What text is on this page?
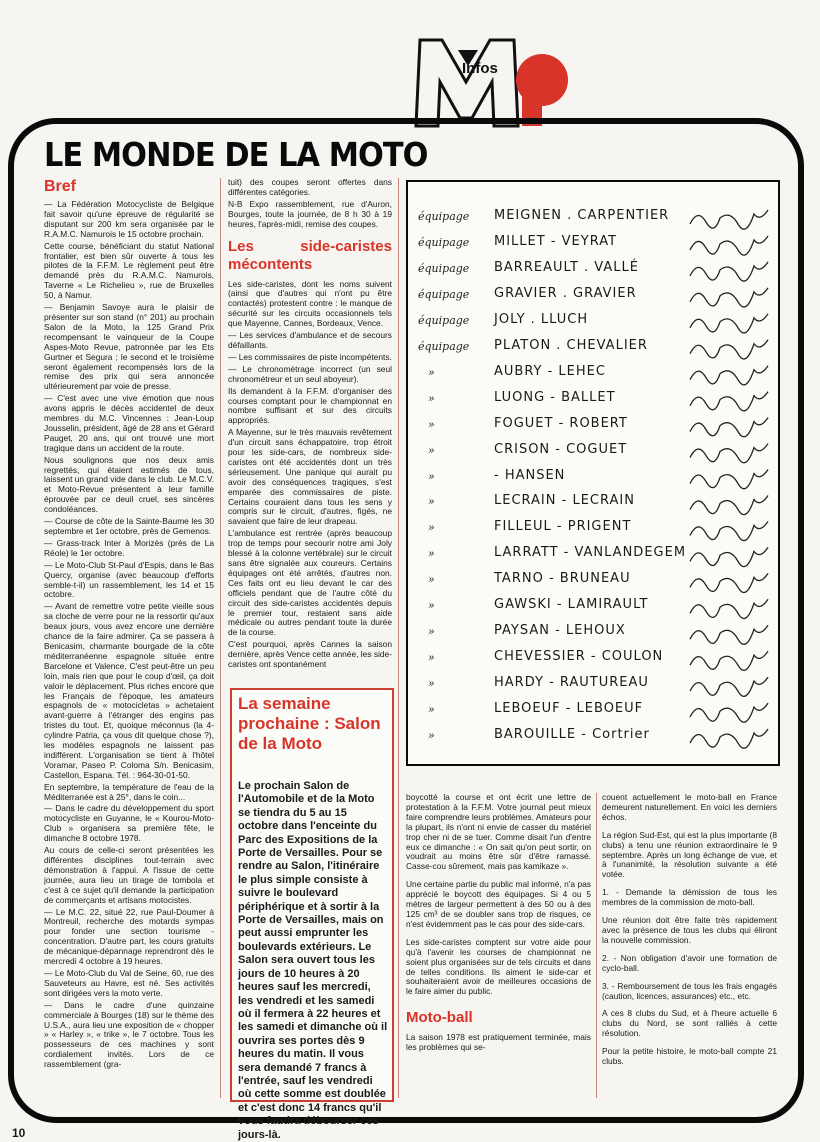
Infos
LE MONDE DE LA MOTO
Bref

— La Fédération Motocycliste de Belgique fait savoir qu'une épreuve de régularité se disputant sur 200 km sera organisée par le R.A.M.C. Namurois le 15 octobre prochain.

Cette course, bénéficiant du statut National frontalier, est bien sûr ouverte à tous les pilotes de la F.F.M. Le règlement peut être demandé près du R.A.M.C. Namurois, Taverne « Le Richelieu », rue de Bruxelles 50, à Namur.

— Benjamin Savoye aura le plaisir de présenter sur son stand (n° 201) au prochain Salon de la Moto, la 125 Grand Prix recompensant le vainqueur de la Coupe Aspes-Moto Revue, patronnée par les Ets Gurtner et Segura ; le second et le troisième seront également recompensés lors de la remise des prix qui sera annoncée ultérieurement par voie de presse.

— C'est avec une vive émotion que nous avons appris le décès accidentel de deux membres du M.C. Vincennes : Jean-Loup Jousselin, président, âgé de 28 ans et Gérard Pauget, 20 ans, qui ont trouvé une mort tragique dans un accident de la route.

Nous soulignons que nos deux amis regrettés, qui étaient estimés de tous, laissent un grand vide dans le club. Le M.C.V. et Moto-Revue présentent à leur famille éprouvée par ce deuil cruel, ses sincères condoléances.

— Course de côte de la Sainte-Baume les 30 septembre et 1er octobre, près de Gemenos.

— Grass-track Inter à Morizès (près de La Réole) le 1er octobre.

— Le Moto-Club St-Paul d'Espis, dans le Bas Quercy, organise (avec beaucoup d'efforts semble-t-il) un rassemblement, les 14 et 15 octobre.

— Avant de remettre votre petite vieille sous sa cloche de verre pour ne la ressortir qu'aux beaux jours, vous avez encore une dernière chance de la faire admirer. Ça se passera à Benicasim, charmante bourgade de la côte méditerranéenne espagnole située entre Barcelone et Valence. C'est peut-être un peu loin, mais rien que pour le coup d'œil, ça doit valoir le déplacement. Plus riches encore que les Français de l'époque, les amateurs espagnols de « motocicletas » achetaient avant-guerre à l'étranger des engins pas tristes du tout. Et, quoique méconnus (la 4-cylindre Patria, ça vous dit quelque chose ?), les modèles espagnols ne laissent pas indifférent. L'organisation se tient à l'hôtel Voramar, Paseo P. Coloma S/n. Benicasim, Castellon, Espana. Tél. : 964-30-01-50.

En septembre, la température de l'eau de la Méditerranée est à 25°, dans le coin...

— Dans le cadre du développement du sport motocycliste en Guyanne, le « Kourou-Moto-Club » organisera sa première fête, le dimanche 8 octobre 1978.

Au cours de celle-ci seront présentées les différentes disciplines tout-terrain avec démonstration à l'appui. A l'issue de cette journée, aura lieu un tirage de tombola et c'est à ce sujet qu'il demande la participation de commerçants et artisans motocistes.

— Le M.C. 22, situé 22, rue Paul-Doumer à Montreuil, recherche des motards sympas pour fonder une section tourisme - concentration. D'autre part, les cours gratuits de mécanique-dépannage reprendront dès le mercredi 4 octobre à 19 heures.

— Le Moto-Club du Val de Seine, 60, rue des Sauveteurs au Havre, est né. Ses activités sont dirigées vers la moto verte.

— Dans le cadre d'une quinzaine commerciale à Bourges (18) sur le thème des U.S.A., aura lieu une exposition de « chopper » « Harley », « trike », le 7 octobre. Tous les possesseurs de ces machines y sont cordialement invités. Lors de ce rassemblement (gra-

tuit) des coupes seront offertes dans différentes catégories.

N-B Expo rassemblement, rue d'Auron, Bourges, toute la journée, de 8 h 30 à 19 heures, l'après-midi, remise des coupes.

Les side-caristes mécontents

Les side-caristes, dont les noms suivent (ainsi que d'autres qui n'ont pu être contactés) protestent contre : le manque de sécurité sur les circuits occasionnels tels que Mayenne, Cannes, Bordeaux, Vence.

— Les services d'ambulance et de secours défaillants.

— Les commissaires de piste incompétents.

— Le chronométrage incorrect (un seul chronométreur et un seul aboyeur).

Ils demandent à la F.F.M. d'organiser des courses comptant pour le championnat en nombre suffisant et sur des circuits appropriés.

A Mayenne, sur le très mauvais revêtement d'un circuit sans échappatoire, trop étroit pour les side-cars, de nombreux side-caristes ont été accidentés dont un très sérieusement. Une panique qui aurait pu avoir des conséquences tragiques, s'est emparée des commissaires de piste. Certains couraient dans tous les sens y compris sur le circuit, d'autres, figés, ne savaient que faire de leur drapeau.

L'ambulance est rentrée (après beaucoup trop de temps pour secourir notre ami Joly blessé à la colonne vertébrale) sur le circuit sans être signalée aux coureurs. Certains équipages ont été arrêtés, d'autres non. Ces faits ont eu lieu devant le car des officiels pendant que de l'autre côté du circuit des side-caristes accidentés depuis le premier tour, restaient sans aide médicale ou autres pendant toute la durée de la course.

C'est pourquoi, après Cannes la saison dernière, après Vence cette année, les side-caristes ont spontanément

La semaine prochaine : Salon de la Moto
Le prochain Salon de l'Automobile et de la Moto se tiendra du 5 au 15 octobre dans l'enceinte du Parc des Expositions de la Porte de Versailles. Pour se rendre au Salon, l'itinéraire le plus simple consiste à suivre le boulevard périphérique et à sortir à la Porte de Versailles, mais on peut aussi emprunter les boulevards extérieurs. Le Salon sera ouvert tous les jours de 10 heures à 20 heures sauf les mercredi, les vendredi et les samedi où il fermera à 22 heures et les samedi et dimanche où il ouvrira ses portes dès 9 heures du matin. Il vous sera demandé 7 francs à l'entrée, sauf les vendredi où cette somme est doublée et c'est donc 14 francs qu'il vous faudra débourser ces jours-là.
équipage MEIGNEN . CARPENTIER
équipage MILLET - VEYRAT
équipage BARREAULT . VALLÉ
équipage GRAVIER . GRAVIER
équipage JOLY . LLUCH
équipage PLATON . CHEVALIER
»	AUBRY - LEHEC
»	LUONG - BALLET
»	FOGUET - ROBERT
»	CRISON - COGUET
»	- HANSEN
»	LECRAIN - LECRAIN
»	FILLEUL - PRIGENT
»	LARRATT - VANLANDEGEM
»	TARNO - BRUNEAU
»	GAWSKI - LAMIRAULT
»	PAYSAN - LEHOUX
»	CHEVESSIER - COULON
»	HARDY - RAUTUREAU
»	LEBOEUF - LEBOEUF
»	BAROUILLE - Cortrier

boycotté la course et ont écrit une lettre de protestation à la F.F.M. Votre journal peut mieux faire comprendre leurs problèmes. Amateurs pour la plupart, ils n'ont ni envie de casser du matériel trop cher ni de se tuer. Comme disait l'un d'entre eux ce dimanche : « On sait qu'on peut sortir, on voudrait au moins être sûr d'être ramassé. Casse-cou sûrement, mais pas kamikaze ».

Une certaine partie du public mal informé, n'a pas apprécié le boycott des équipages. Si 4 ou 5 mètres de largeur permettent à des 50 ou à des 125 cm³ de se doubler sans trop de risques, ce n'est évidemment pas le cas pour des side-cars.

Les side-caristes comptent sur votre aide pour qu'à l'avenir les courses de championnat ne soient plus organisées sur de tels circuits et dans de telles conditions. Ils aiment le side-car et souhaiteraient avoir de meilleures occasions de le faire aimer du public.

Moto-ball

La saison 1978 est pratiquement terminée, mais les problèmes qui se-

couent actuellement le moto-ball en France demeurent naturellement. En voici les derniers échos.

La région Sud-Est, qui est la plus importante (8 clubs) a tenu une réunion extraordinaire le 9 septembre. Après un long échange de vue, et à l'unanimité, la résolution suivante a été votée.

1. - Demande la démission de tous les membres de la commission de moto-ball.

Une réunion doit être faite très rapidement avec la présence de tous les clubs qui éliront la nouvelle commission.

2. - Non obligation d'avoir une formation de cyclo-ball.

3. - Remboursement de tous les frais engagés (caution, licences, assurances) etc., etc.

A ces 8 clubs du Sud, et à l'heure actuelle 6 clubs du Nord, se sont ralliés à cette résolution.

Pour la petite histoire, le moto-ball compte 21 clubs.

10
